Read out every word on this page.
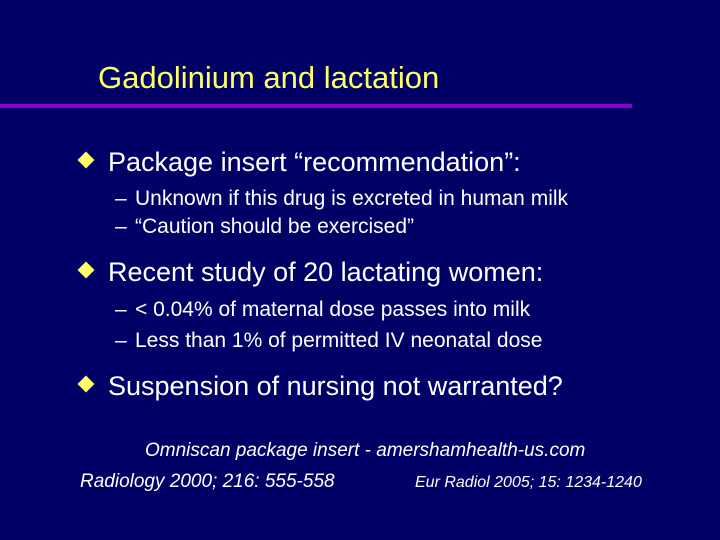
Gadolinium and lactation
Package insert “recommendation”:
– Unknown if this drug is excreted in human milk
– “Caution should be exercised”
Recent study of 20 lactating women:
– < 0.04% of maternal dose passes into milk
– Less than 1% of permitted IV neonatal dose
Suspension of nursing not warranted?
Omniscan package insert - amershamhealth-us.com
Radiology 2000; 216: 555-558	Eur Radiol 2005; 15: 1234-1240
